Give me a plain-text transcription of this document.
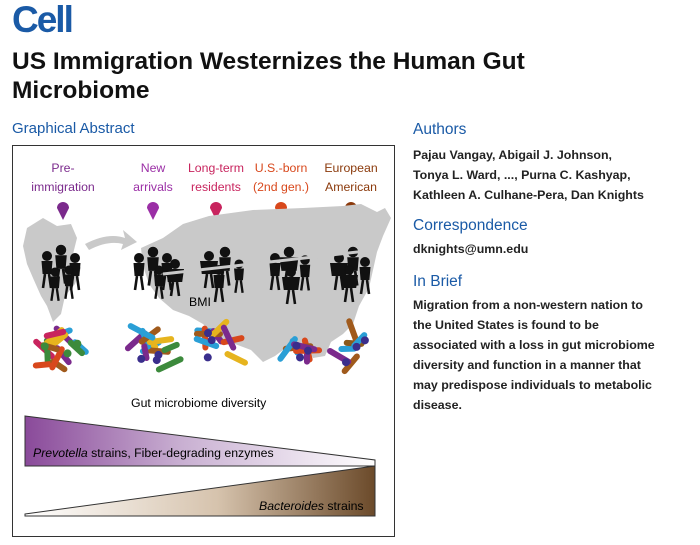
Cell
US Immigration Westernizes the Human Gut Microbiome
Graphical Abstract
Pre-
immigration
New
arrivals
Long-term
residents
U.S.-born
(2nd gen.)
European
American
BMI
Gut microbiome diversity
Prevotella strains, Fiber-degrading enzymes
Bacteroides strains
Authors
Pajau Vangay, Abigail J. Johnson,
Tonya L. Ward, ..., Purna C. Kashyap,
Kathleen A. Culhane-Pera, Dan Knights
Correspondence
dknights@umn.edu
In Brief
Migration from a non-western nation to
the United States is found to be
associated with a loss in gut microbiome
diversity and function in a manner that
may predispose individuals to metabolic
disease.
